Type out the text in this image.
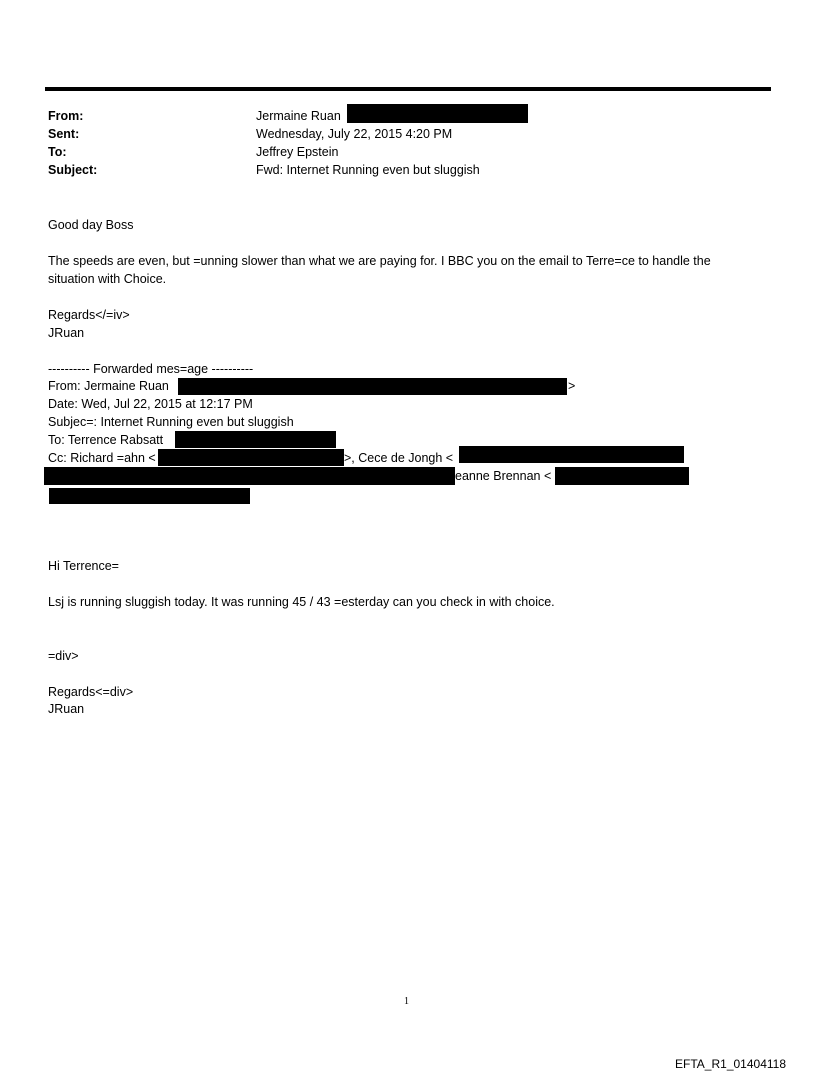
From:	Jermaine Ruan
Sent:	Wednesday, July 22, 2015 4:20 PM
To:	Jeffrey Epstein
Subject:	Fwd: Internet Running even but sluggish
Good day Boss
The speeds are even, but =unning slower than what we are paying for. I BBC you on the email to Terre=ce to handle the
situation with Choice.
Regards</=iv>
JRuan
---------- Forwarded mes=age ----------
From: Jermaine Ruan	>
Date: Wed, Jul 22, 2015 at 12:17 PM
Subjec=: Internet Running even but sluggish
To: Terrence Rabsatt
Cc: Richard =ahn <	>, Cece de Jongh <
eanne Brennan <
Hi Terrence=
Lsj is running sluggish today. It was running 45 / 43 =esterday can you check in with choice.
=div>
Regards<=div>
JRuan
1
EFTA_R1_01404118
